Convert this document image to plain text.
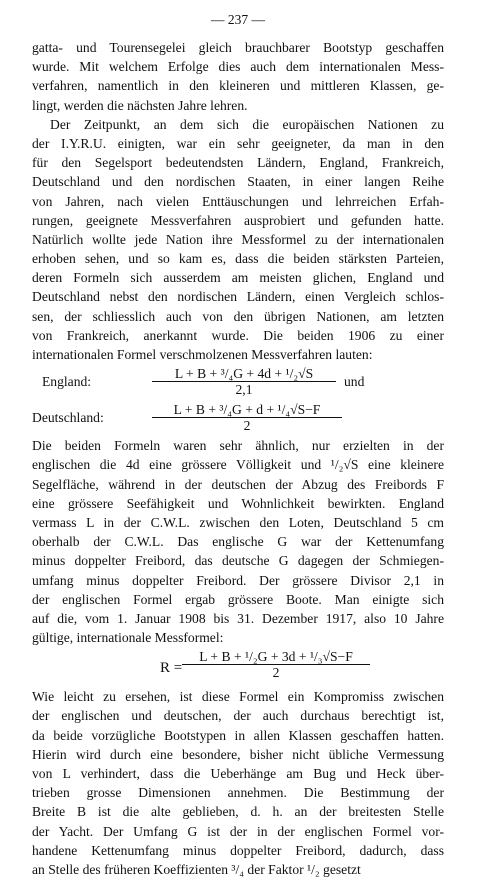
— 237 —
gatta- und Tourensegelei gleich brauchbarer Bootstyp geschaffen
wurde. Mit welchem Erfolge dies auch dem internationalen Mess-
verfahren, namentlich in den kleineren und mittleren Klassen, ge-
lingt, werden die nächsten Jahre lehren.
Der Zeitpunkt, an dem sich die europäischen Nationen zu
der I.Y.R.U. einigten, war ein sehr geeigneter, da man in den
für den Segelsport bedeutendsten Ländern, England, Frankreich,
Deutschland und den nordischen Staaten, in einer langen Reihe
von Jahren, nach vielen Enttäuschungen und lehrreichen Erfah-
rungen, geeignete Messverfahren ausprobiert und gefunden hatte.
Natürlich wollte jede Nation ihre Messformel zu der internationalen
erhoben sehen, und so kam es, dass die beiden stärksten Parteien,
deren Formeln sich ausserdem am meisten glichen, England und
Deutschland nebst den nordischen Ländern, einen Vergleich schlos-
sen, der schliesslich auch von den übrigen Nationen, am letzten
von Frankreich, anerkannt wurde. Die beiden 1906 zu einer
internationalen Formel verschmolzenen Messverfahren lauten:
England:
L + B + ³/₄G + 4d + ¹/₂√S
2,1
und
Deutschland:
L + B + ³/₄G + d + ¹/₄√S−F
2
Die beiden Formeln waren sehr ähnlich, nur erzielten in der
englischen die 4d eine grössere Völligkeit und ¹/₂√S eine kleinere
Segelfläche, während in der deutschen der Abzug des Freibords F
eine grössere Seefähigkeit und Wohnlichkeit bewirkten. England
vermass L in der C.W.L. zwischen den Loten, Deutschland 5 cm
oberhalb der C.W.L. Das englische G war der Kettenumfang
minus doppelter Freibord, das deutsche G dagegen der Schmiegen-
umfang minus doppelter Freibord. Der grössere Divisor 2,1 in
der englischen Formel ergab grössere Boote. Man einigte sich
auf die, vom 1. Januar 1908 bis 31. Dezember 1917, also 10 Jahre
gültige, internationale Messformel:
R =
L + B + ¹/₂G + 3d + ¹/₃√S−F
2
Wie leicht zu ersehen, ist diese Formel ein Kompromiss zwischen
der englischen und deutschen, der auch durchaus berechtigt ist,
da beide vorzügliche Bootstypen in allen Klassen geschaffen hatten.
Hierin wird durch eine besondere, bisher nicht übliche Vermessung
von L verhindert, dass die Ueberhänge am Bug und Heck über-
trieben grosse Dimensionen annehmen. Die Bestimmung der
Breite B ist die alte geblieben, d. h. an der breitesten Stelle
der Yacht. Der Umfang G ist der in der englischen Formel vor-
handene Kettenumfang minus doppelter Freibord, dadurch, dass
an Stelle des früheren Koeffizienten ³/₄ der Faktor ¹/₂ gesetzt
